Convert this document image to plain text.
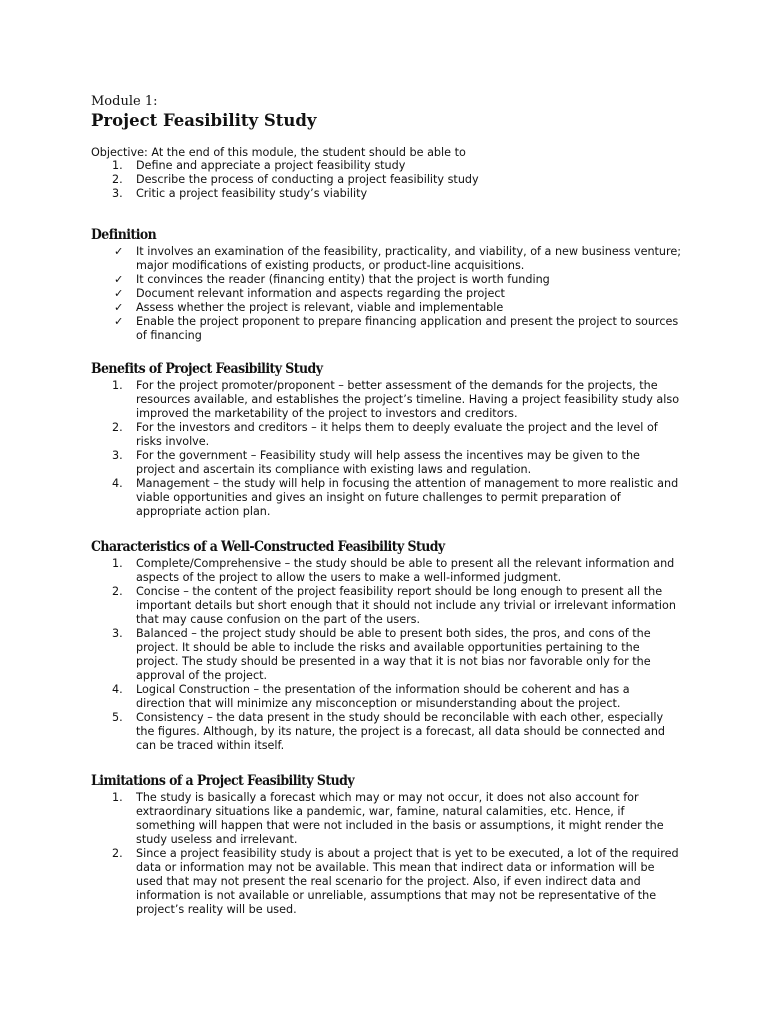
Module 1:
Project Feasibility Study
Objective: At the end of this module, the student should be able to
1. Define and appreciate a project feasibility study
2. Describe the process of conducting a project feasibility study
3. Critic a project feasibility study’s viability
Definition
✓ It involves an examination of the feasibility, practicality, and viability, of a new business venture; major modifications of existing products, or product-line acquisitions.
✓ It convinces the reader (financing entity) that the project is worth funding
✓ Document relevant information and aspects regarding the project
✓ Assess whether the project is relevant, viable and implementable
✓ Enable the project proponent to prepare financing application and present the project to sources of financing
Benefits of Project Feasibility Study
1. For the project promoter/proponent – better assessment of the demands for the projects, the resources available, and establishes the project’s timeline. Having a project feasibility study also improved the marketability of the project to investors and creditors.
2. For the investors and creditors – it helps them to deeply evaluate the project and the level of risks involve.
3. For the government – Feasibility study will help assess the incentives may be given to the project and ascertain its compliance with existing laws and regulation.
4. Management – the study will help in focusing the attention of management to more realistic and viable opportunities and gives an insight on future challenges to permit preparation of appropriate action plan.
Characteristics of a Well-Constructed Feasibility Study
1. Complete/Comprehensive – the study should be able to present all the relevant information and aspects of the project to allow the users to make a well-informed judgment.
2. Concise – the content of the project feasibility report should be long enough to present all the important details but short enough that it should not include any trivial or irrelevant information that may cause confusion on the part of the users.
3. Balanced – the project study should be able to present both sides, the pros, and cons of the project. It should be able to include the risks and available opportunities pertaining to the project. The study should be presented in a way that it is not bias nor favorable only for the approval of the project.
4. Logical Construction – the presentation of the information should be coherent and has a direction that will minimize any misconception or misunderstanding about the project.
5. Consistency – the data present in the study should be reconcilable with each other, especially the figures. Although, by its nature, the project is a forecast, all data should be connected and can be traced within itself.
Limitations of a Project Feasibility Study
1. The study is basically a forecast which may or may not occur, it does not also account for extraordinary situations like a pandemic, war, famine, natural calamities, etc. Hence, if something will happen that were not included in the basis or assumptions, it might render the study useless and irrelevant.
2. Since a project feasibility study is about a project that is yet to be executed, a lot of the required data or information may not be available. This mean that indirect data or information will be used that may not present the real scenario for the project. Also, if even indirect data and information is not available or unreliable, assumptions that may not be representative of the project’s reality will be used.
